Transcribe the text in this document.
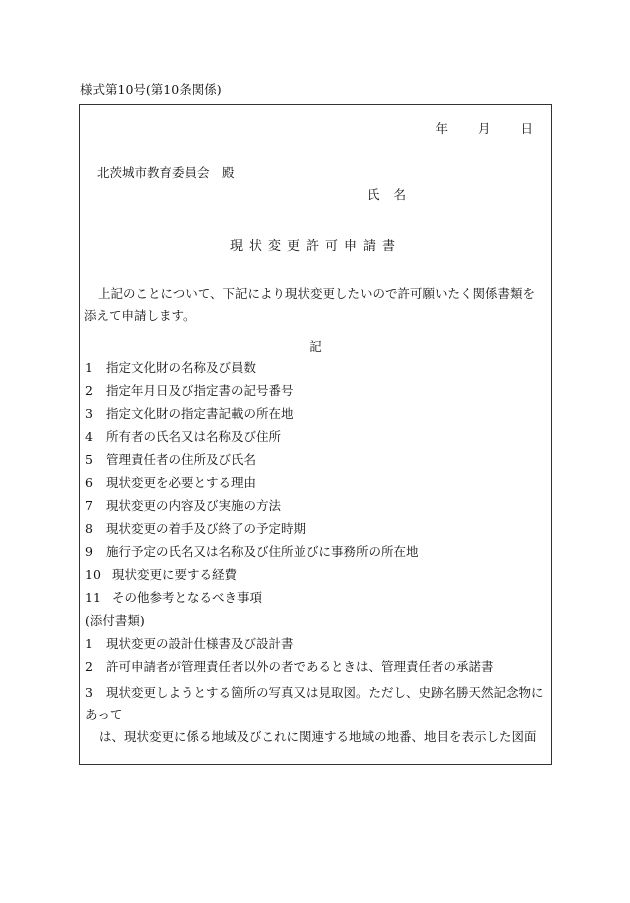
様式第10号(第10条関係)
年 月 日
北茨城市教育委員会　殿
氏名
現状変更許可申請書
上記のことについて、下記により現状変更したいので許可願いたく関係書類を添えて申請します。
記
1 指定文化財の名称及び員数
2 指定年月日及び指定書の記号番号
3 指定文化財の指定書記載の所在地
4 所有者の氏名又は名称及び住所
5 管理責任者の住所及び氏名
6 現状変更を必要とする理由
7 現状変更の内容及び実施の方法
8 現状変更の着手及び終了の予定時期
9 施行予定の氏名又は名称及び住所並びに事務所の所在地
10 現状変更に要する経費
11 その他参考となるべき事項
(添付書類)
1 現状変更の設計仕様書及び設計書
2 許可申請者が管理責任者以外の者であるときは、管理責任者の承諾書
3 現状変更しようとする箇所の写真又は見取図。ただし、史跡名勝天然記念物にあって
は、現状変更に係る地域及びこれに関連する地域の地番、地目を表示した図面
